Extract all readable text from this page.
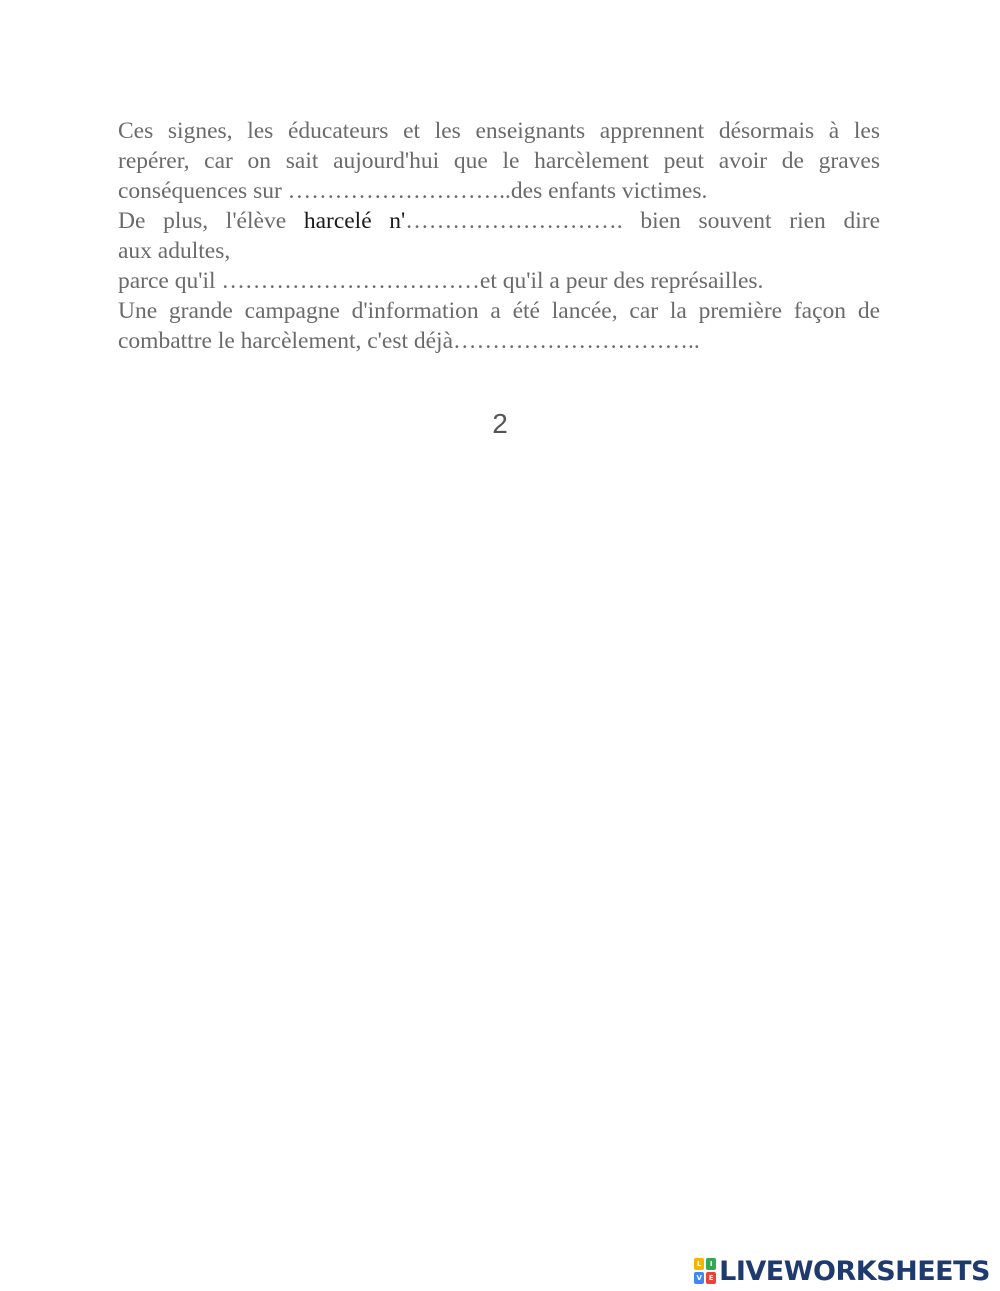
Ces signes, les éducateurs et les enseignants apprennent désormais à les
repérer, car on sait aujourd'hui que le harcèlement peut avoir de graves
conséquences sur ………………………..des enfants victimes.
De plus, l'élève harcelé n'………………………. bien souvent rien dire
aux adultes,
parce qu'il ……………………………et qu'il a peur des représailles.
Une grande campagne d'information a été lancée, car la première façon de
combattre le harcèlement, c'est déjà…………………………..
2
L	I
V E LIVEWORKSHEETS
